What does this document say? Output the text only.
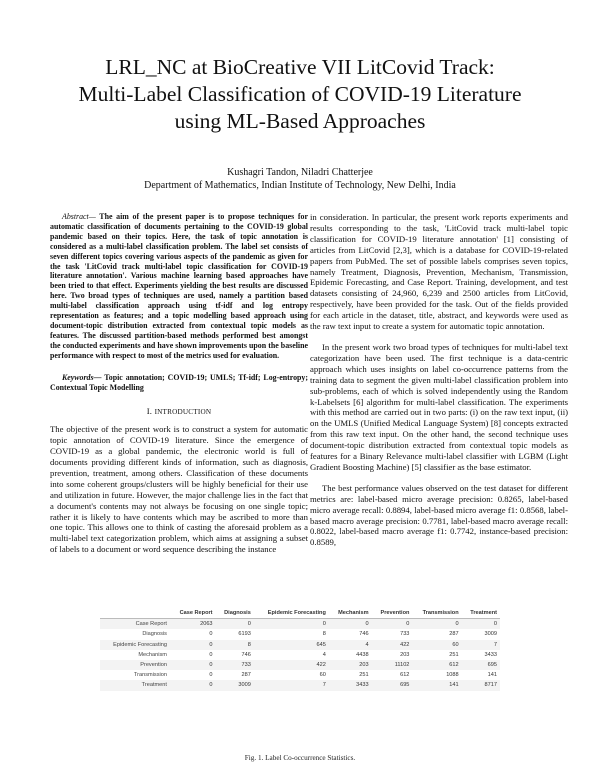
LRL_NC at BioCreative VII LitCovid Track:
Multi-Label Classification of COVID-19 Literature
using ML-Based Approaches
Kushagri Tandon, Niladri Chatterjee
Department of Mathematics, Indian Institute of Technology, New Delhi, India

Abstract— The aim of the present paper is to propose techniques for automatic classification of documents pertaining to the COVID-19 global pandemic based on their topics. Here, the task of topic annotation is considered as a multi-label classification problem. The label set consists of seven different topics covering various aspects of the pandemic as given for the task 'LitCovid track multi-label topic classification for COVID-19 literature annotation'. Various machine learning based approaches have been tried to that effect. Experiments yielding the best results are discussed here. Two broad types of techniques are used, namely a partition based multi-label classification approach using tf-idf and log entropy representation as features; and a topic modelling based approach using document-topic distribution extracted from contextual topic models as features. The discussed partition-based methods performed best amongst the conducted experiments and have shown improvements upon the baseline performance with respect to most of the metrics used for evaluation.

Keywords— Topic annotation; COVID-19; UMLS; Tf-idf; Log-entropy; Contextual Topic Modelling

I. INTRODUCTION

The objective of the present work is to construct a system for automatic topic annotation of COVID-19 literature. Since the emergence of COVID-19 as a global pandemic, the electronic world is full of documents providing different kinds of information, such as diagnosis, prevention, treatment, among others. Classification of these documents into some coherent groups/clusters will be highly beneficial for their use and utilization in future. However, the major challenge lies in the fact that a document's contents may not always be focusing on one single topic; rather it is likely to have contents which may be ascribed to more than one topic. This allows one to think of casting the aforesaid problem as a multi-label text categorization problem, which aims at assigning a subset of labels to a document or word sequence describing the instance

in consideration. In particular, the present work reports experiments and results corresponding to the task, 'LitCovid track multi-label topic classification for COVID-19 literature annotation' [1] consisting of articles from LitCovid [2,3], which is a database for COVID-19-related papers from PubMed. The set of possible labels comprises seven topics, namely Treatment, Diagnosis, Prevention, Mechanism, Transmission, Epidemic Forecasting, and Case Report. Training, development, and test datasets consisting of 24,960, 6,239 and 2500 articles from LitCovid, respectively, have been provided for the task. Out of the fields provided for each article in the dataset, title, abstract, and keywords were used as the raw text input to create a system for automatic topic annotation.

In the present work two broad types of techniques for multi-label text categorization have been used. The first technique is a data-centric approach which uses insights on label co-occurrence patterns from the training data to segment the given multi-label classification problem into sub-problems, each of which is solved independently using the Random k-Labelsets [6] algorithm for multi-label classification. The experiments with this method are carried out in two parts: (i) on the raw text input, (ii) on the UMLS (Unified Medical Language System) [8] concepts extracted from this raw text input. On the other hand, the second technique uses document-topic distribution extracted from contextual topic models as features for a Binary Relevance multi-label classifier with LGBM (Light Gradient Boosting Machine) [5] classifier as the base estimator.

The best performance values observed on the test dataset for different metrics are: label-based micro average precision: 0.8265, label-based micro average recall: 0.8894, label-based micro average f1: 0.8568, label-based macro average precision: 0.7781, label-based macro average recall: 0.8022, label-based macro average f1: 0.7742, instance-based precision: 0.8589,

	Case Report	Diagnosis	Epidemic Forecasting	Mechanism	Prevention	Transmission	Treatment
Case Report	2063	0	0	0	0	0	0
Diagnosis	0	6193	8	746	733	287	3009
Epidemic Forecasting	0	8	645	4	422	60	7
Mechanism	0	746	4	4438	203	251	3433
Prevention	0	733	422	203	11102	612	695
Transmission	0	287	60	251	612	1088	141
Treatment	0	3009	7	3433	695	141	8717
Fig. 1. Label Co-occurrence Statistics.
